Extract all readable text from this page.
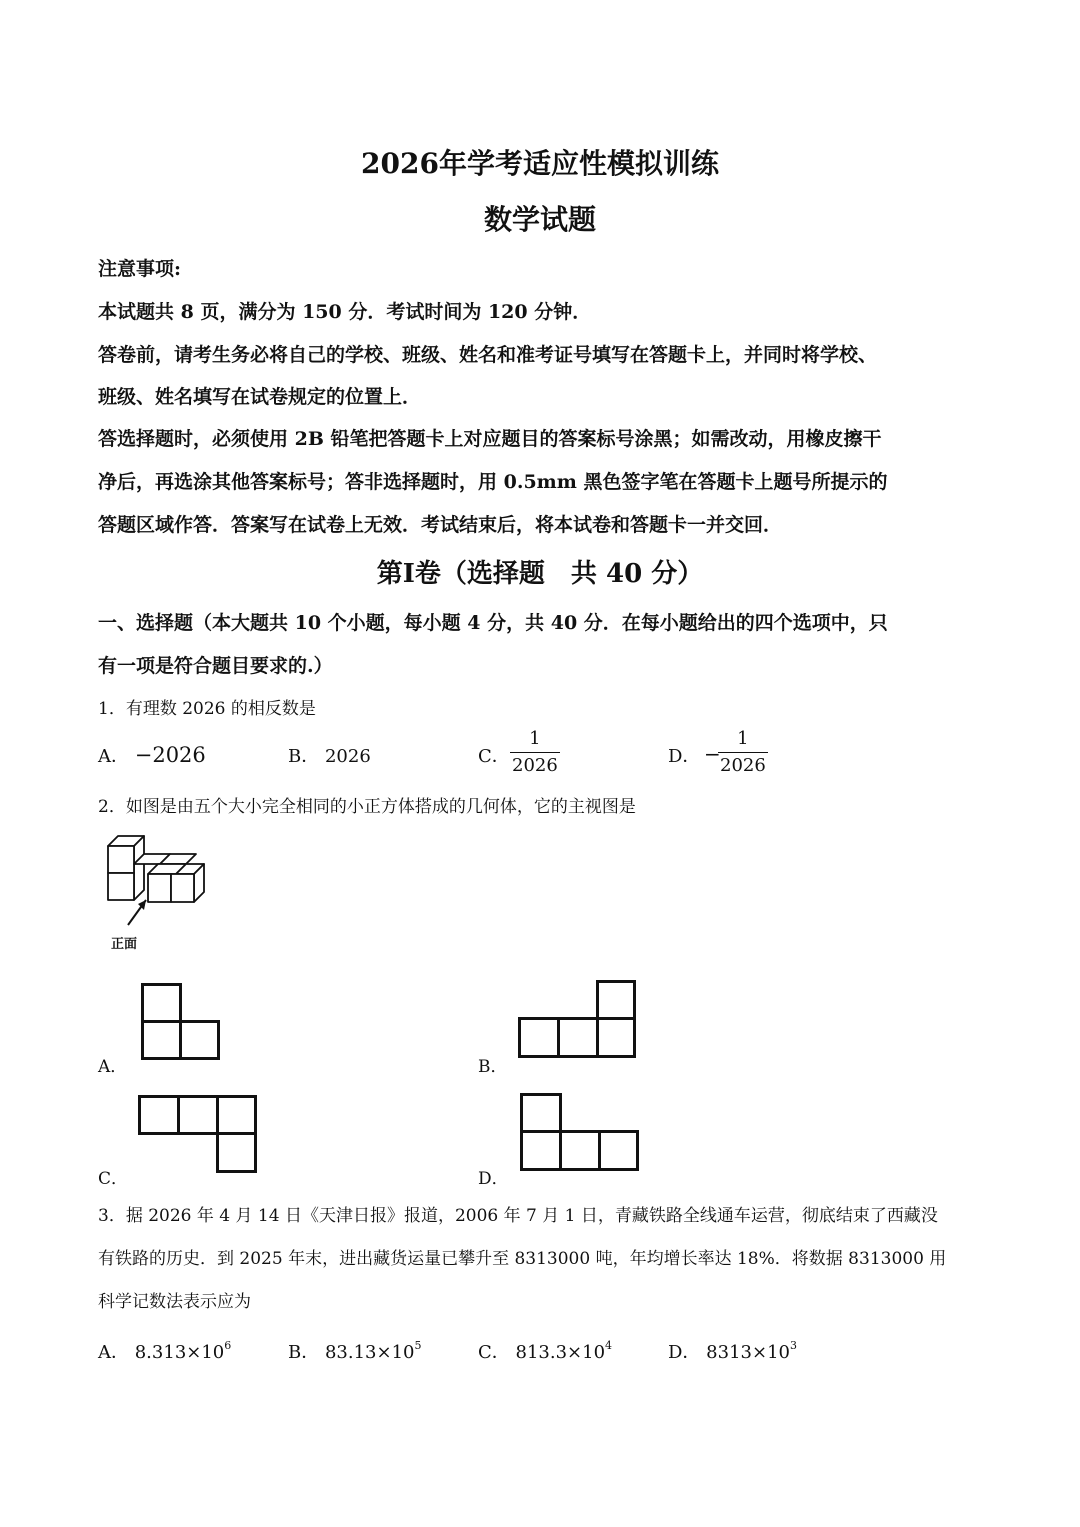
2026年学考适应性模拟训练
数学试题
注意事项:
本试题共 8 页，满分为 150 分．考试时间为 120 分钟．
答卷前，请考生务必将自己的学校、班级、姓名和准考证号填写在答题卡上，并同时将学校、
班级、姓名填写在试卷规定的位置上．
答选择题时，必须使用 2B 铅笔把答题卡上对应题目的答案标号涂黑；如需改动，用橡皮擦干
净后，再选涂其他答案标号；答非选择题时，用 0.5mm 黑色签字笔在答题卡上题号所提示的
答题区域作答．答案写在试卷上无效．考试结束后，将本试卷和答题卡一并交回．
第Ⅰ卷（选择题　共 40 分）
一、选择题（本大题共 10 个小题，每小题 4 分，共 40 分．在每小题给出的四个选项中，只
有一项是符合题目要求的.）
1．有理数 2026 的相反数是
A． −2026	B． 2026	C．
1
2026	D． −
1
2026
2．如图是由五个大小完全相同的小正方体搭成的几何体，它的主视图是
正面
A．	B．
C．	D．
3．据 2026 年 4 月 14 日《天津日报》报道，2006 年 7 月 1 日，青藏铁路全线通车运营，彻底结束了西藏没
有铁路的历史．到 2025 年末，进出藏货运量已攀升至 8313000 吨，年均增长率达 18%．将数据 8313000 用
科学记数法表示应为
A． $8.313\times 10^6$	B． $83.13\times 10^5$	C． $813.3\times 10^4$	D． $8313\times 10^3$
